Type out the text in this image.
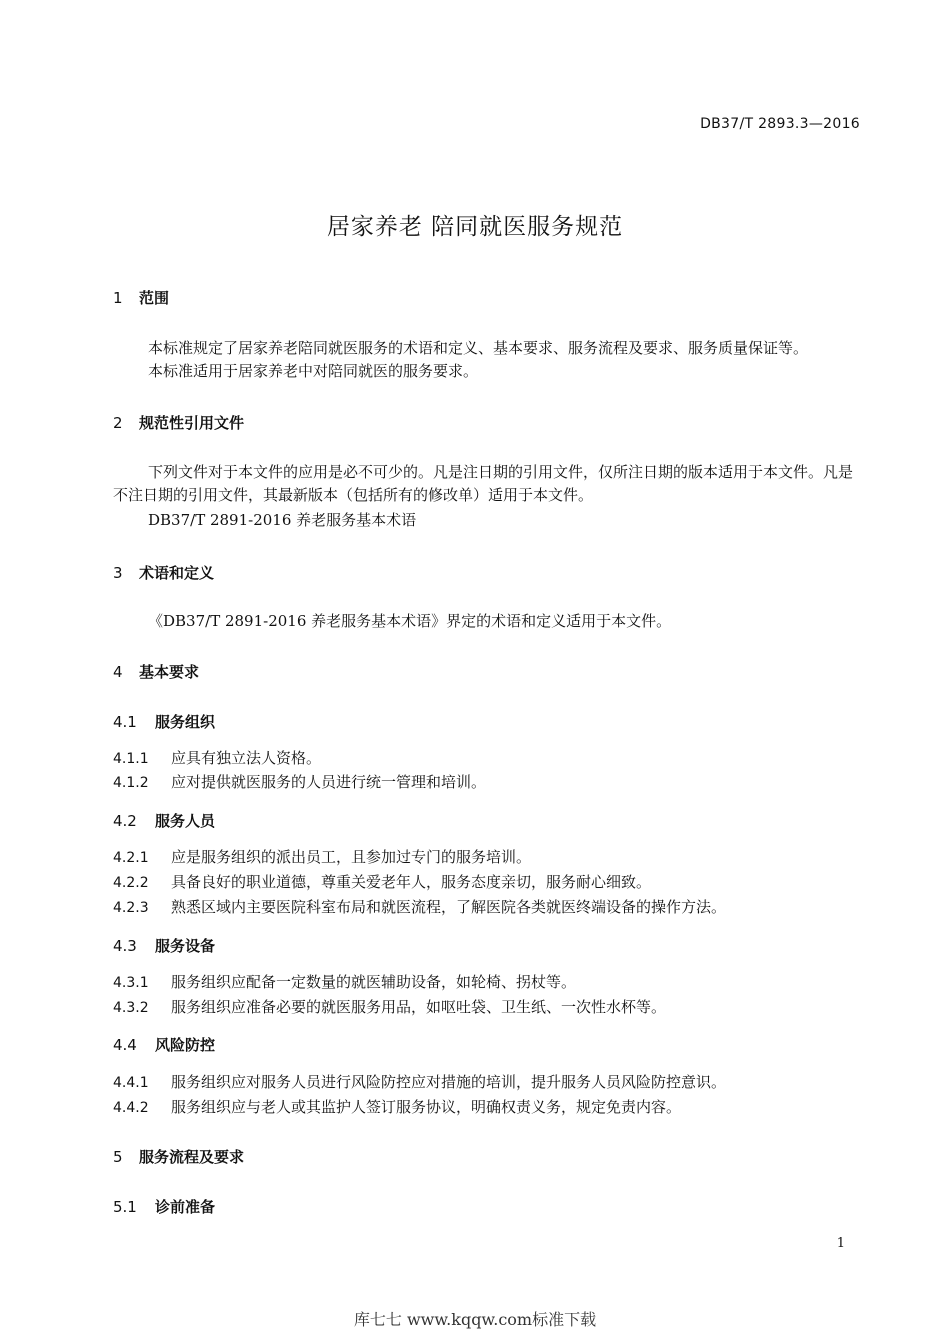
DB37/T 2893.3—2016
居家养老 陪同就医服务规范
1 范围
本标准规定了居家养老陪同就医服务的术语和定义、基本要求、服务流程及要求、服务质量保证等。
本标准适用于居家养老中对陪同就医的服务要求。
2 规范性引用文件
下列文件对于本文件的应用是必不可少的。凡是注日期的引用文件，仅所注日期的版本适用于本文件。凡是不注日期的引用文件，其最新版本（包括所有的修改单）适用于本文件。
DB37/T 2891-2016 养老服务基本术语
3 术语和定义
《DB37/T 2891-2016 养老服务基本术语》界定的术语和定义适用于本文件。
4 基本要求
4.1 服务组织
4.1.1 应具有独立法人资格。
4.1.2 应对提供就医服务的人员进行统一管理和培训。
4.2 服务人员
4.2.1 应是服务组织的派出员工，且参加过专门的服务培训。
4.2.2 具备良好的职业道德，尊重关爱老年人，服务态度亲切，服务耐心细致。
4.2.3 熟悉区域内主要医院科室布局和就医流程，了解医院各类就医终端设备的操作方法。
4.3 服务设备
4.3.1 服务组织应配备一定数量的就医辅助设备，如轮椅、拐杖等。
4.3.2 服务组织应准备必要的就医服务用品，如呕吐袋、卫生纸、一次性水杯等。
4.4 风险防控
4.4.1 服务组织应对服务人员进行风险防控应对措施的培训，提升服务人员风险防控意识。
4.4.2 服务组织应与老人或其监护人签订服务协议，明确权责义务，规定免责内容。
5 服务流程及要求
5.1 诊前准备
1
库七七 www.kqqw.com标准下载
